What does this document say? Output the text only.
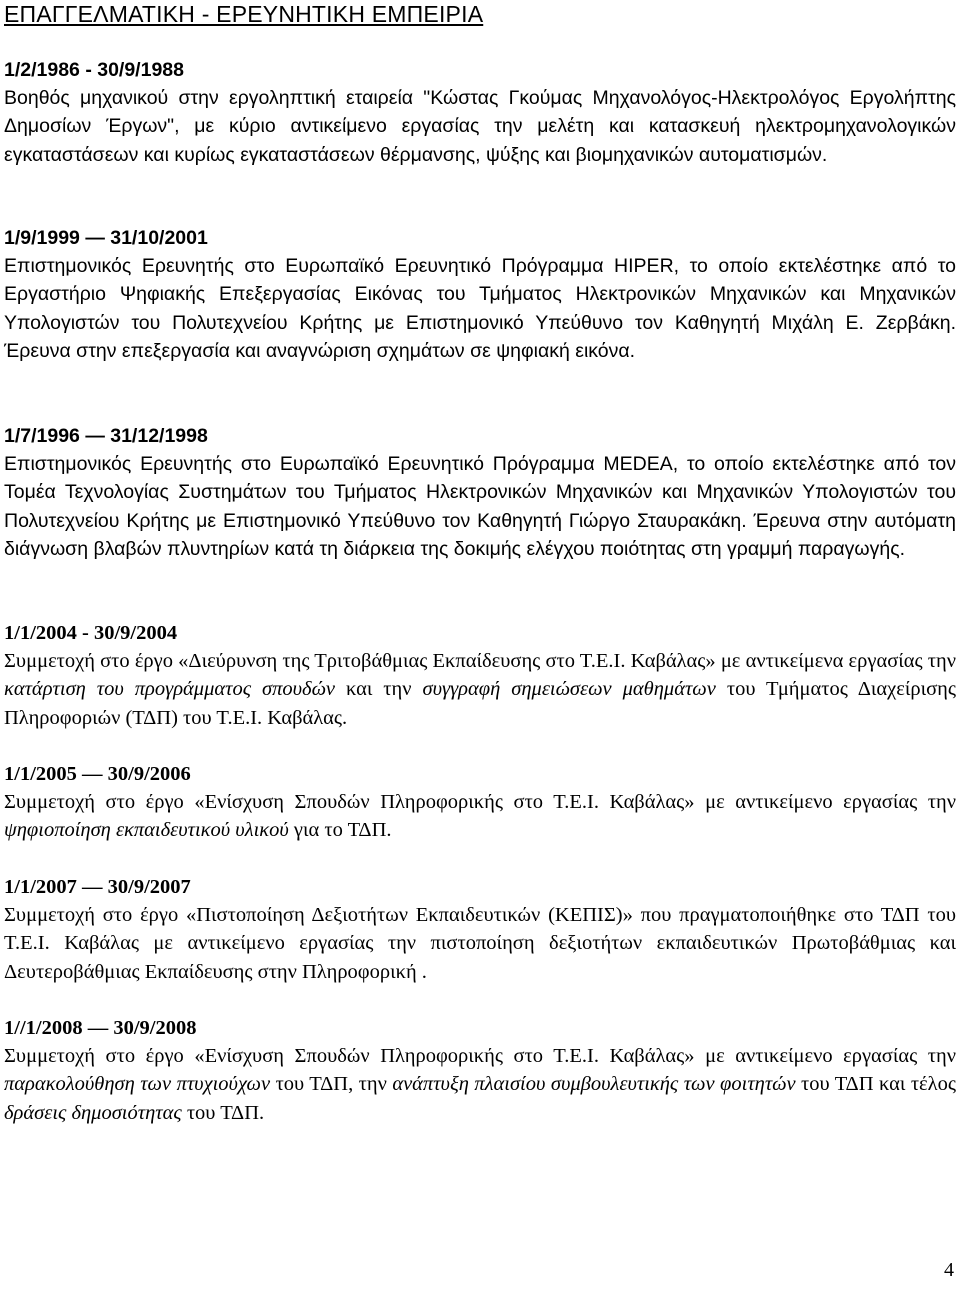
ΕΠΑΓΓΕΛΜΑΤΙΚΗ - ΕΡΕΥΝΗΤΙΚΗ ΕΜΠΕΙΡΙΑ

1/2/1986 - 30/9/1988

Βοηθός μηχανικού στην εργοληπτική εταιρεία "Κώστας Γκούμας Μηχανολόγος-Ηλεκτρολόγος Εργολήπτης Δημοσίων Έργων", με κύριο αντικείμενο εργασίας την μελέτη και κατασκευή ηλεκτρομηχανολογικών εγκαταστάσεων και κυρίως εγκαταστάσεων θέρμανσης, ψύξης και βιομηχανικών αυτοματισμών.

1/9/1999 — 31/10/2001

Επιστημονικός Ερευνητής στο Ευρωπαϊκό Ερευνητικό Πρόγραμμα HIPER, το οποίο εκτελέστηκε από το Εργαστήριο Ψηφιακής Επεξεργασίας Εικόνας του Τμήματος Ηλεκτρονικών Μηχανικών και Μηχανικών Υπολογιστών του Πολυτεχνείου Κρήτης με Επιστημονικό Υπεύθυνο τον Καθηγητή Μιχάλη Ε. Ζερβάκη. Έρευνα στην επεξεργασία και αναγνώριση σχημάτων σε ψηφιακή εικόνα.

1/7/1996 — 31/12/1998

Επιστημονικός Ερευνητής στο Ευρωπαϊκό Ερευνητικό Πρόγραμμα MEDEA, το οποίο εκτελέστηκε από τον Τομέα Τεχνολογίας Συστημάτων του Τμήματος Ηλεκτρονικών Μηχανικών και Μηχανικών Υπολογιστών του Πολυτεχνείου Κρήτης με Επιστημονικό Υπεύθυνο τον Καθηγητή Γιώργο Σταυρακάκη. Έρευνα στην αυτόματη διάγνωση βλαβών πλυντηρίων κατά τη διάρκεια της δοκιμής ελέγχου ποιότητας στη γραμμή παραγωγής.

1/1/2004 - 30/9/2004

Συμμετοχή στο έργο «Διεύρυνση της Τριτοβάθμιας Εκπαίδευσης στο Τ.Ε.Ι. Καβάλας» με αντικείμενα εργασίας την κατάρτιση του προγράμματος σπουδών και την συγγραφή σημειώσεων μαθημάτων του Τμήματος Διαχείρισης Πληροφοριών (ΤΔΠ) του Τ.Ε.Ι. Καβάλας.

1/1/2005 — 30/9/2006

Συμμετοχή στο έργο «Ενίσχυση Σπουδών Πληροφορικής στο Τ.Ε.Ι. Καβάλας» με αντικείμενο εργασίας την ψηφιοποίηση εκπαιδευτικού υλικού για το ΤΔΠ.

1/1/2007 — 30/9/2007

Συμμετοχή στο έργο «Πιστοποίηση Δεξιοτήτων Εκπαιδευτικών (ΚΕΠΙΣ)» που πραγματοποιήθηκε στο ΤΔΠ του Τ.Ε.Ι. Καβάλας με αντικείμενο εργασίας την πιστοποίηση δεξιοτήτων εκπαιδευτικών Πρωτοβάθμιας και Δευτεροβάθμιας Εκπαίδευσης στην Πληροφορική .

1//1/2008 — 30/9/2008

Συμμετοχή στο έργο «Ενίσχυση Σπουδών Πληροφορικής στο Τ.Ε.Ι. Καβάλας» με αντικείμενο εργασίας την παρακολούθηση των πτυχιούχων του ΤΔΠ, την ανάπτυξη πλαισίου συμβουλευτικής των φοιτητών του ΤΔΠ και τέλος δράσεις δημοσιότητας του ΤΔΠ.

4
